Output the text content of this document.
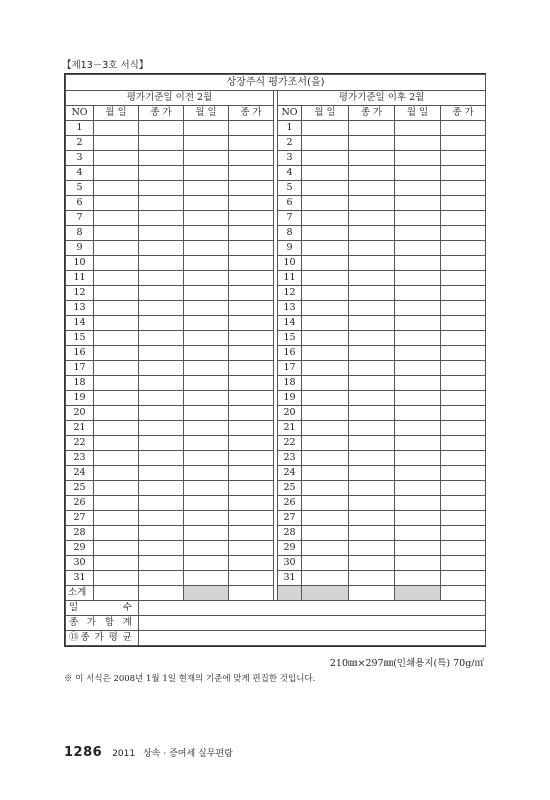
【제13－3호 서식】
상장주식 평가조서(을)										
평가기준일 이전 2월						평가기준일 이후 2월				
NO	월 일	종 가	월 일	종 가		NO	월 일	종 가	월 일	종 가
1						1				
2						2				
3						3				
4						4				
5						5				
6						6				
7						7				
8						8				
9						9				
10						10				
11						11				
12						12				
13						13				
14						14				
15						15				
16						16				
17						17				
18						18				
19						19				
20						20				
21						21				
22						22				
23						23				
24						24				
25						25				
26						26				
27						27				
28						28				
29						29				
30						30				
31						31				
소계										
일 수										
종 가 합 계										
⑬종 가 평 균										
210㎜×297㎜(인쇄용지(특) 70g/㎡
※ 이 서식은 2008년 1월 1일 현재의 기준에 맞게 편집한 것입니다.
1286 2011 상속 · 증여세 실무편람
